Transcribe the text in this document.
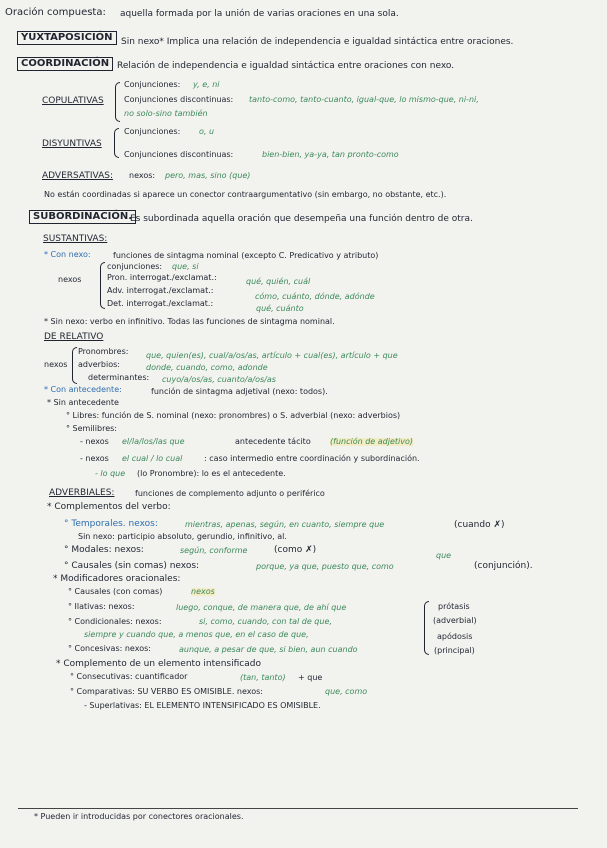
Oración compuesta: aquella formada por la unión de varias oraciones en una sola.
YUXTAPOSICIÓN Sin nexo* Implica una relación de independencia e igualdad sintáctica entre oraciones.
COORDINACIÓN Relación de independencia e igualdad sintáctica entre oraciones con nexo.
COPULATIVAS
Conjunciones: y, e, ni
Conjunciones discontinuas: tanto-como, tanto-cuanto, igual-que, lo mismo-que, ni-ni,
no solo-sino también
DISYUNTIVAS
Conjunciones: o, u
Conjunciones discontinuas:	bien-bien, ya-ya, tan pronto-como
ADVERSATIVAS: nexos: pero, mas, sino (que)
No están coordinadas si aparece un conector contraargumentativo (sin embargo, no obstante, etc.).
SUBORDINACIÓN.
Es subordinada aquella oración que desempeña una función dentro de otra.
SUSTANTIVAS:
* Con nexo:	funciones de sintagma nominal (excepto C. Predicativo y atributo)
nexos
conjunciones: que, si
Pron. interrogat./exclamat.:	qué, quién, cuál
Adv. interrogat./exclamat.:
cómo, cuánto, dónde, adónde
Det. interrogat./exclamat.:
qué, cuánto
* Sin nexo: verbo en infinitivo. Todas las funciones de sintagma nominal.
DE RELATIVO
nexos
Pronombres: que, quien(es), cual/a/os/as, artículo + cual(es), artículo + que
adverbios:	donde, cuando, como, adonde
determinantes: cuyo/a/os/as, cuanto/a/os/as
* Con antecedente:	función de sintagma adjetival (nexo: todos).
* Sin antecedente
° Libres: función de S. nominal (nexo: pronombres) o S. adverbial (nexo: adverbios)
° Semilibres:
- nexos el/la/los/las que	antecedente tácito (función de adjetivo)
- nexos el cual / lo cual	: caso intermedio entre coordinación y subordinación.
- lo que (lo Pronombre): lo es el antecedente.
ADVERBIALES:	funciones de complemento adjunto o periférico
* Complementos del verbo:
° Temporales. nexos:	mientras, apenas, según, en cuanto, siempre que	(cuando ✗)
Sin nexo: participio absoluto, gerundio, infinitivo, al.
° Modales: nexos:	según, conforme	(como ✗)
que
° Causales (sin comas) nexos:	porque, ya que, puesto que, como	(conjunción).
* Modificadores oracionales:
° Causales (con comas)	nexos
° Ilativas: nexos:	luego, conque, de manera que, de ahí que
° Condicionales: nexos:	si, como, cuando, con tal de que,
siempre y cuando que, a menos que, en el caso de que,
° Concesivas: nexos:	aunque, a pesar de que, si bien, aun cuando
prótasis
(adverbial)
apódosis
(principal)
* Complemento de un elemento intensificado
° Consecutivas: cuantificador	(tan, tanto) + que
° Comparativas: SU VERBO ES OMISIBLE. nexos:	que, como
- Superlativas: EL ELEMENTO INTENSIFICADO ES OMISIBLE.
* Pueden ir introducidas por conectores oracionales.
